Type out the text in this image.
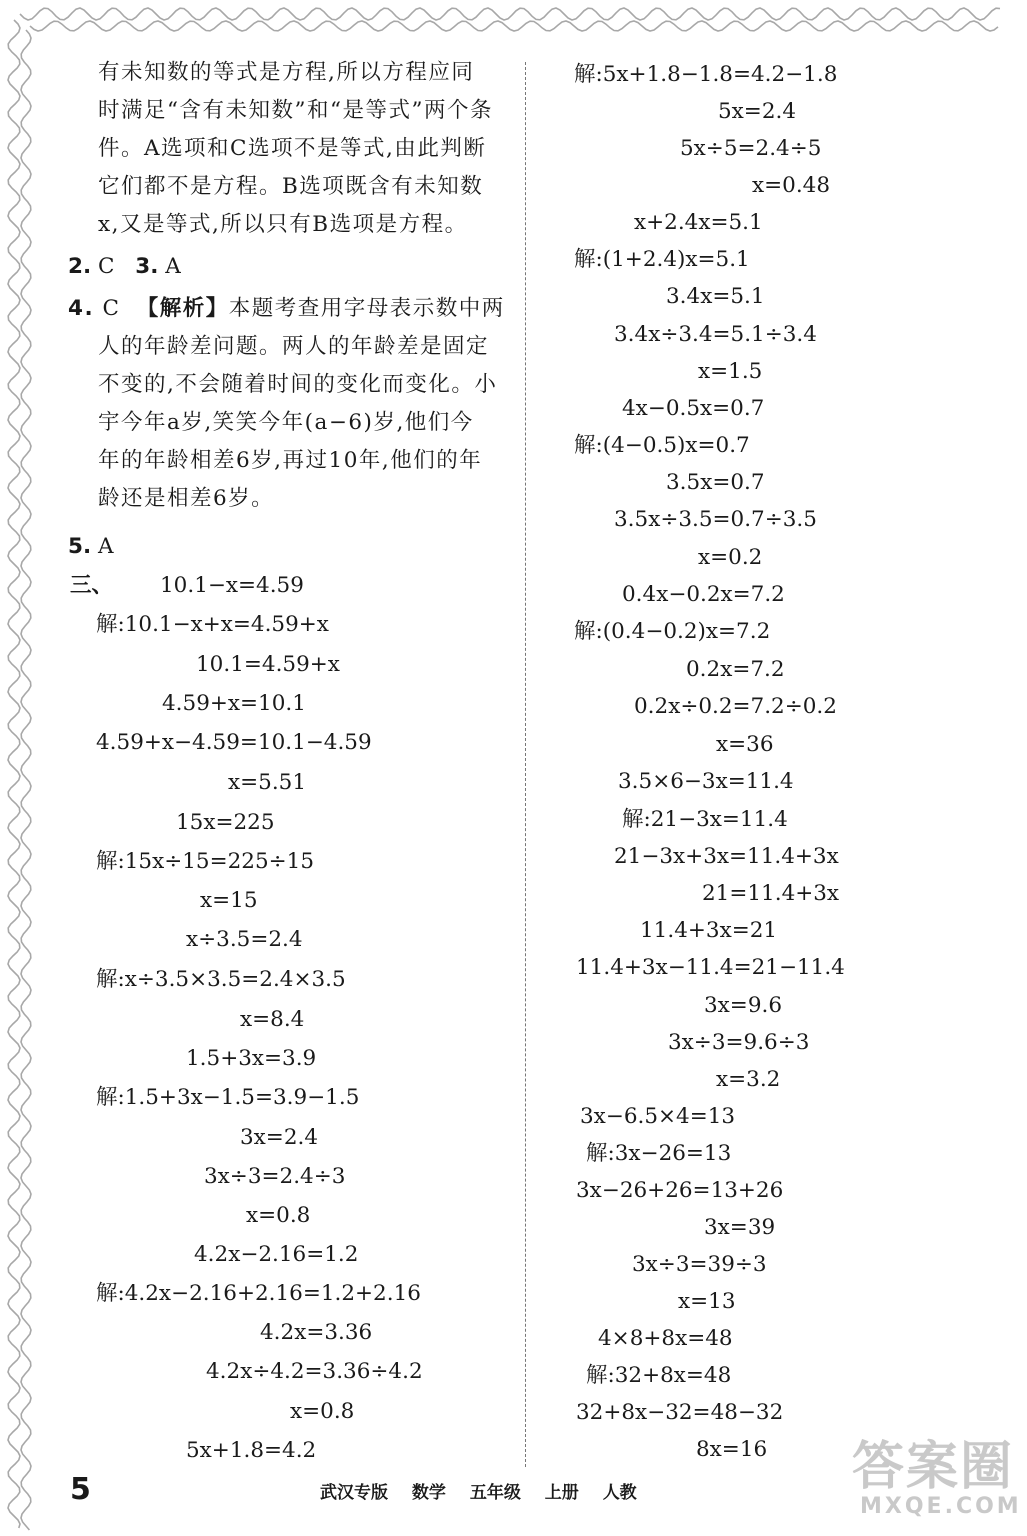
有未知数的等式是方程,所以方程应同
时满足“含有未知数”和“是等式”两个条
件。A选项和C选项不是等式,由此判断
它们都不是方程。B选项既含有未知数
x,又是等式,所以只有B选项是方程。
2. C 3. A
4. C 【解析】本题考查用字母表示数中两
人的年龄差问题。两人的年龄差是固定
不变的,不会随着时间的变化而变化。小
宇今年a岁,笑笑今年(a−6)岁,他们今
年的年龄相差6岁,再过10年,他们的年
龄还是相差6岁。
5. A
三、 10.1−x=4.59
解:10.1−x+x=4.59+x
10.1=4.59+x
4.59+x=10.1
4.59+x−4.59=10.1−4.59
x=5.51
15x=225
解:15x÷15=225÷15
x=15
x÷3.5=2.4
解:x÷3.5×3.5=2.4×3.5
x=8.4
1.5+3x=3.9
解:1.5+3x−1.5=3.9−1.5
3x=2.4
3x÷3=2.4÷3
x=0.8
4.2x−2.16=1.2
解:4.2x−2.16+2.16=1.2+2.16
4.2x=3.36
4.2x÷4.2=3.36÷4.2
x=0.8
5x+1.8=4.2
解:5x+1.8−1.8=4.2−1.8
5x=2.4
5x÷5=2.4÷5
x=0.48
x+2.4x=5.1
解:(1+2.4)x=5.1
3.4x=5.1
3.4x÷3.4=5.1÷3.4
x=1.5
4x−0.5x=0.7
解:(4−0.5)x=0.7
3.5x=0.7
3.5x÷3.5=0.7÷3.5
x=0.2
0.4x−0.2x=7.2
解:(0.4−0.2)x=7.2
0.2x=7.2
0.2x÷0.2=7.2÷0.2
x=36
3.5×6−3x=11.4
解:21−3x=11.4
21−3x+3x=11.4+3x
21=11.4+3x
11.4+3x=21
11.4+3x−11.4=21−11.4
3x=9.6
3x÷3=9.6÷3
x=3.2
3x−6.5×4=13
解:3x−26=13
3x−26+26=13+26
3x=39
3x÷3=39÷3
x=13
4×8+8x=48
解:32+8x=48
32+8x−32=48−32
8x=16
5	武汉专版 数学 五年级 上册 人教	答案圈
MXQE.COM
